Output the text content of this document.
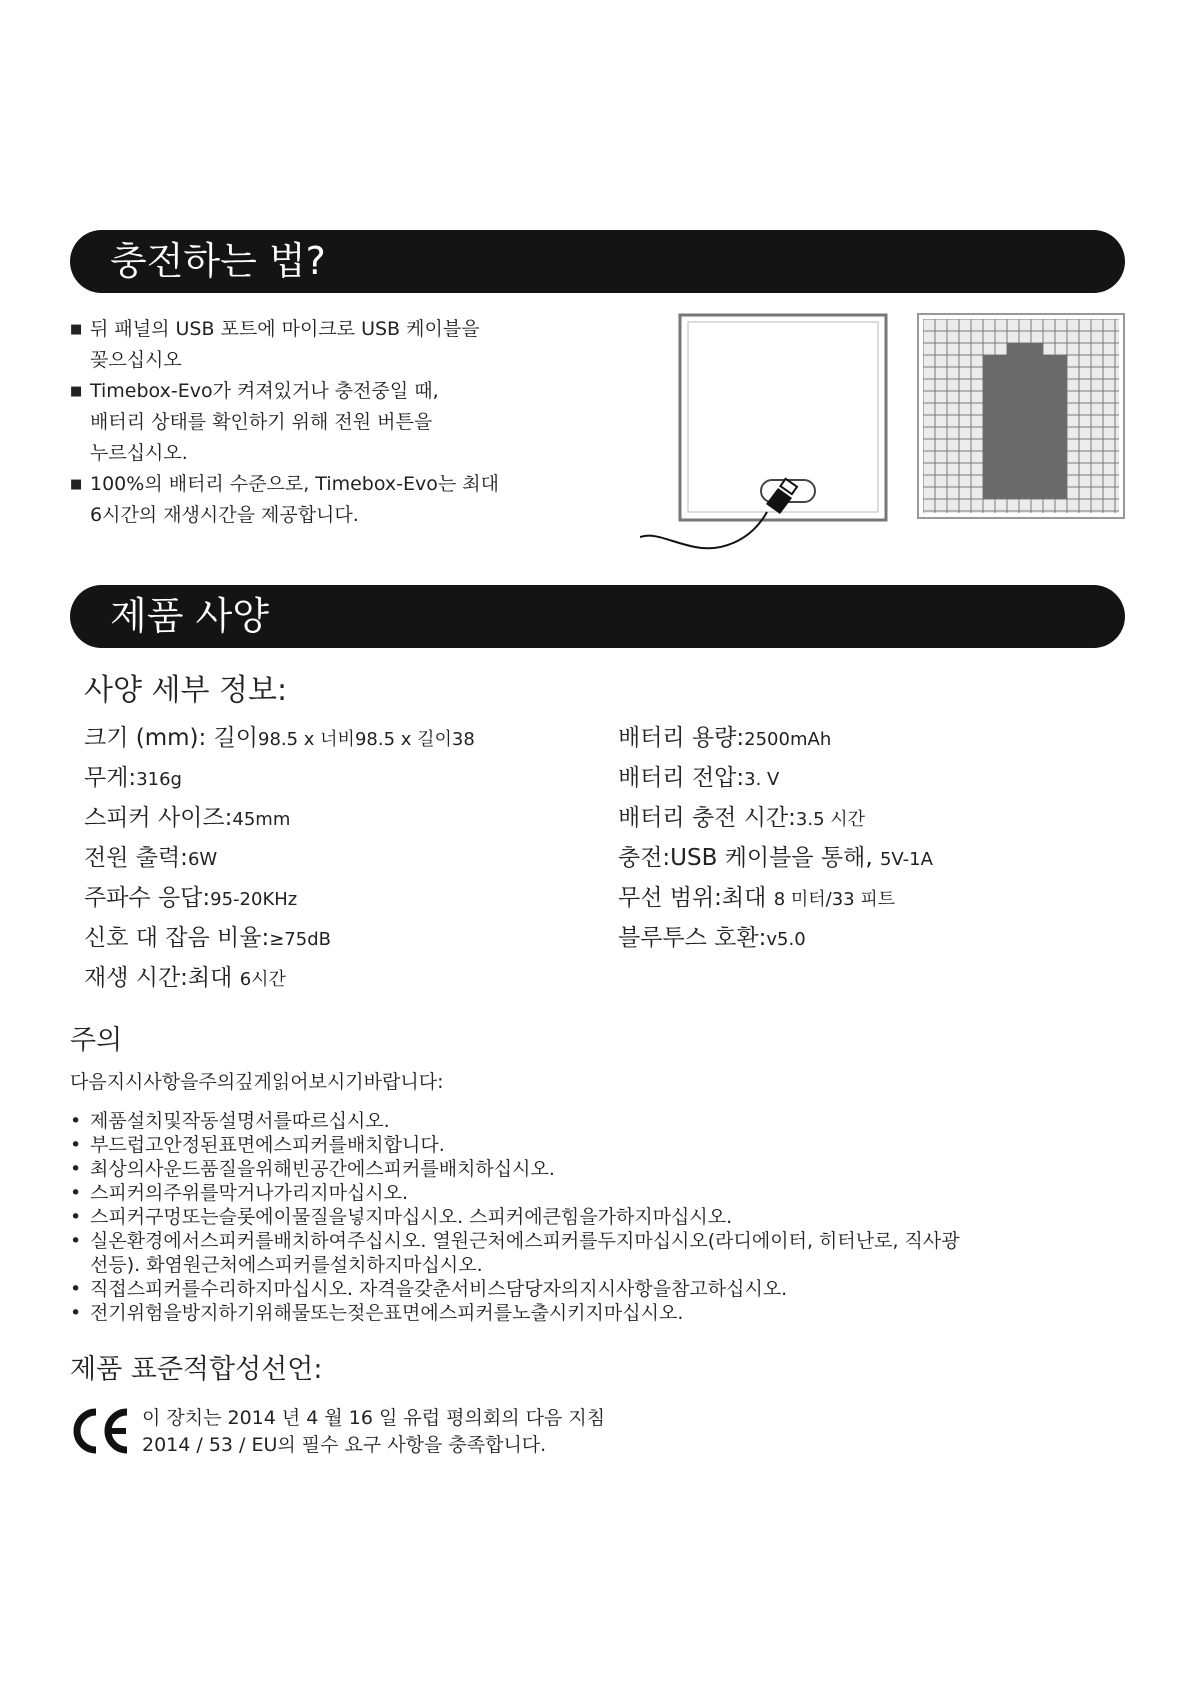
충전하는 법?
■ 뒤 패널의 USB 포트에 마이크로 USB 케이블을
꽂으십시오
■ Timebox-Evo가 켜져있거나 충전중일 때,
배터리 상태를 확인하기 위해 전원 버튼을
누르십시오.
■ 100%의 배터리 수준으로, Timebox-Evo는 최대
6시간의 재생시간을 제공합니다.
제품 사양
사양 세부 정보:
크기 (mm): 길이98.5 x 너비98.5 x 길이38
무게:316g
스피커 사이즈:45mm
전원 출력:6W
주파수 응답:95-20KHz
신호 대 잡음 비율:≥75dB
재생 시간:최대 6시간
배터리 용량:2500mAh
배터리 전압:3. V
배터리 충전 시간:3.5 시간
충전:USB 케이블을 통해, 5V-1A
무선 범위:최대 8 미터/33 피트
블루투스 호환:v5.0
주의
다음지시사항을주의깊게읽어보시기바랍니다:
• 제품설치및작동설명서를따르십시오.
• 부드럽고안정된표면에스피커를배치합니다.
• 최상의사운드품질을위해빈공간에스피커를배치하십시오.
• 스피커의주위를막거나가리지마십시오.
• 스피커구멍또는슬롯에이물질을넣지마십시오. 스피커에큰힘을가하지마십시오.
• 실온환경에서스피커를배치하여주십시오. 열원근처에스피커를두지마십시오(라디에이터, 히터난로, 직사광선등). 화염원근처에스피커를설치하지마십시오.
• 직접스피커를수리하지마십시오. 자격을갖춘서비스담당자의지시사항을참고하십시오.
• 전기위험을방지하기위해물또는젖은표면에스피커를노출시키지마십시오.
제품 표준적합성선언:
이 장치는 2014 년 4 월 16 일 유럽 평의회의 다음 지침
2014 / 53 / EU의 필수 요구 사항을 충족합니다.
